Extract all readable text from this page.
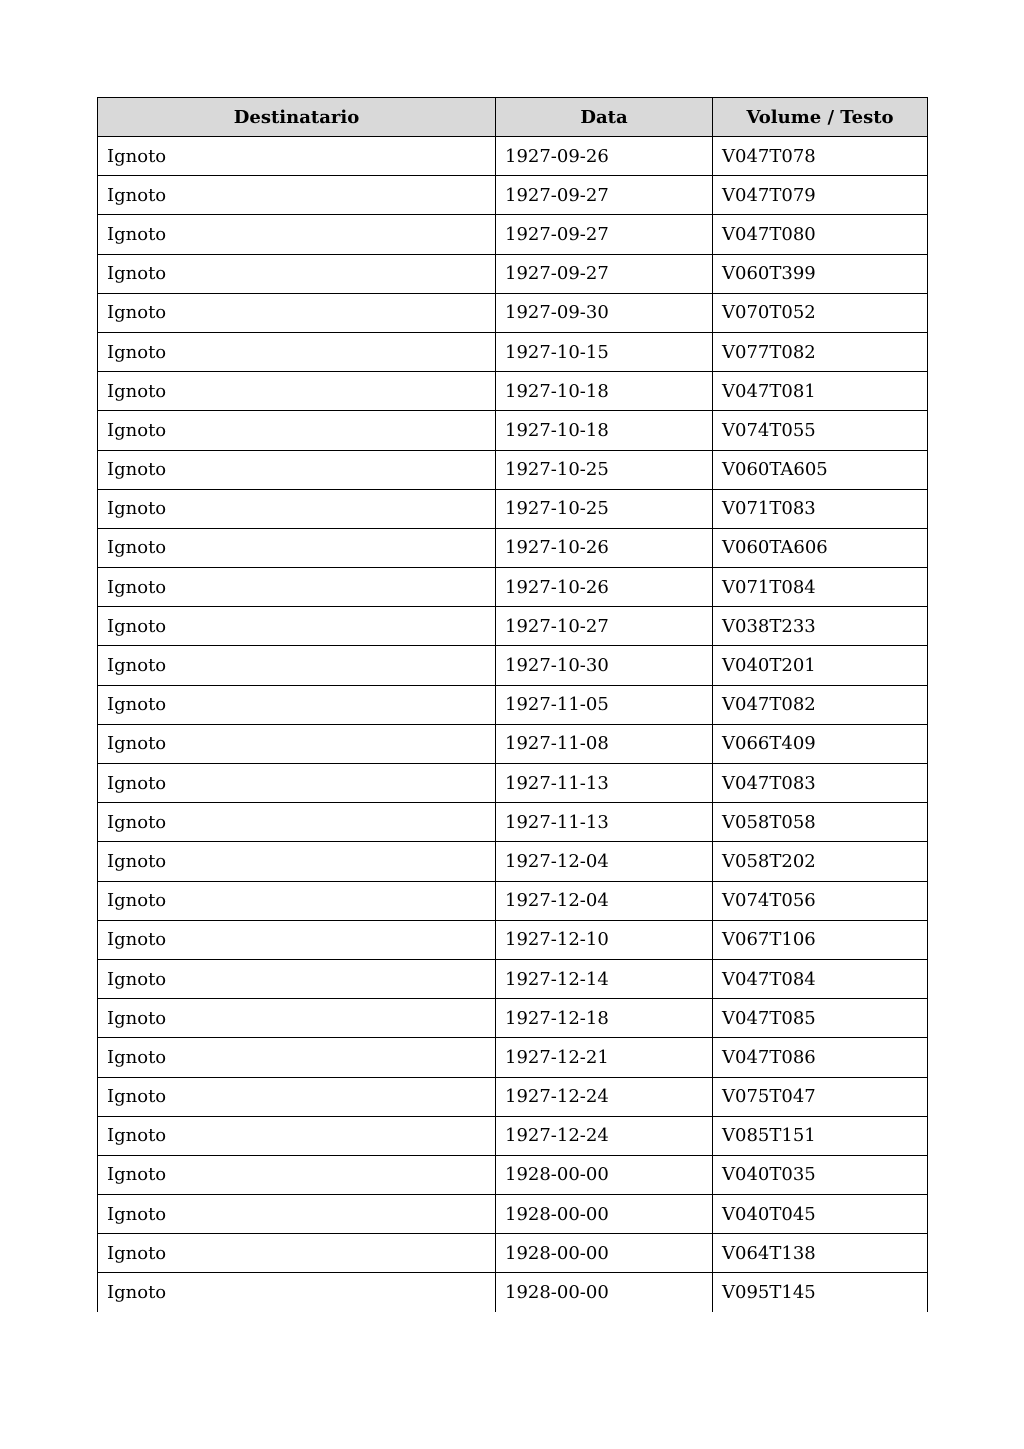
Destinatario	Data	Volume / Testo
Ignoto	1927-09-26	V047T078
Ignoto	1927-09-27	V047T079
Ignoto	1927-09-27	V047T080
Ignoto	1927-09-27	V060T399
Ignoto	1927-09-30	V070T052
Ignoto	1927-10-15	V077T082
Ignoto	1927-10-18	V047T081
Ignoto	1927-10-18	V074T055
Ignoto	1927-10-25	V060TA605
Ignoto	1927-10-25	V071T083
Ignoto	1927-10-26	V060TA606
Ignoto	1927-10-26	V071T084
Ignoto	1927-10-27	V038T233
Ignoto	1927-10-30	V040T201
Ignoto	1927-11-05	V047T082
Ignoto	1927-11-08	V066T409
Ignoto	1927-11-13	V047T083
Ignoto	1927-11-13	V058T058
Ignoto	1927-12-04	V058T202
Ignoto	1927-12-04	V074T056
Ignoto	1927-12-10	V067T106
Ignoto	1927-12-14	V047T084
Ignoto	1927-12-18	V047T085
Ignoto	1927-12-21	V047T086
Ignoto	1927-12-24	V075T047
Ignoto	1927-12-24	V085T151
Ignoto	1928-00-00	V040T035
Ignoto	1928-00-00	V040T045
Ignoto	1928-00-00	V064T138
Ignoto	1928-00-00	V095T145
